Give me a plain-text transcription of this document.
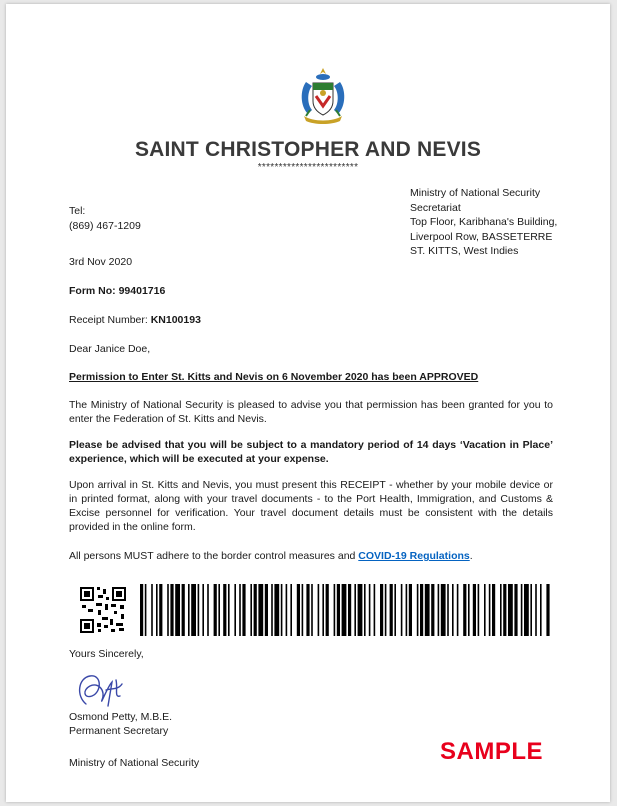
SAINT CHRISTOPHER AND NEVIS
************************
Ministry of National Security
Secretariat
Top Floor, Karibhana's Building,
Liverpool Row, BASSETERRE
ST. KITTS, West Indies
Tel:
(869) 467-1209
3rd Nov 2020
Form No: 99401716
Receipt Number: KN100193
Dear Janice Doe,
Permission to Enter St. Kitts and Nevis on 6 November 2020 has been APPROVED
The Ministry of National Security is pleased to advise you that permission has been granted for you to enter the Federation of St. Kitts and Nevis.
Please be advised that you will be subject to a mandatory period of 14 days ‘Vacation in Place’ experience, which will be executed at your expense.
Upon arrival in St. Kitts and Nevis, you must present this RECEIPT - whether by your mobile device or in printed format, along with your travel documents - to the Port Health, Immigration, and Customs & Excise personnel for verification. Your travel document details must be consistent with the details provided in the online form.
All persons MUST adhere to the border control measures and COVID-19 Regulations.
Yours Sincerely,
Osmond Petty, M.B.E.
Permanent Secretary
Ministry of National Security	SAMPLE
